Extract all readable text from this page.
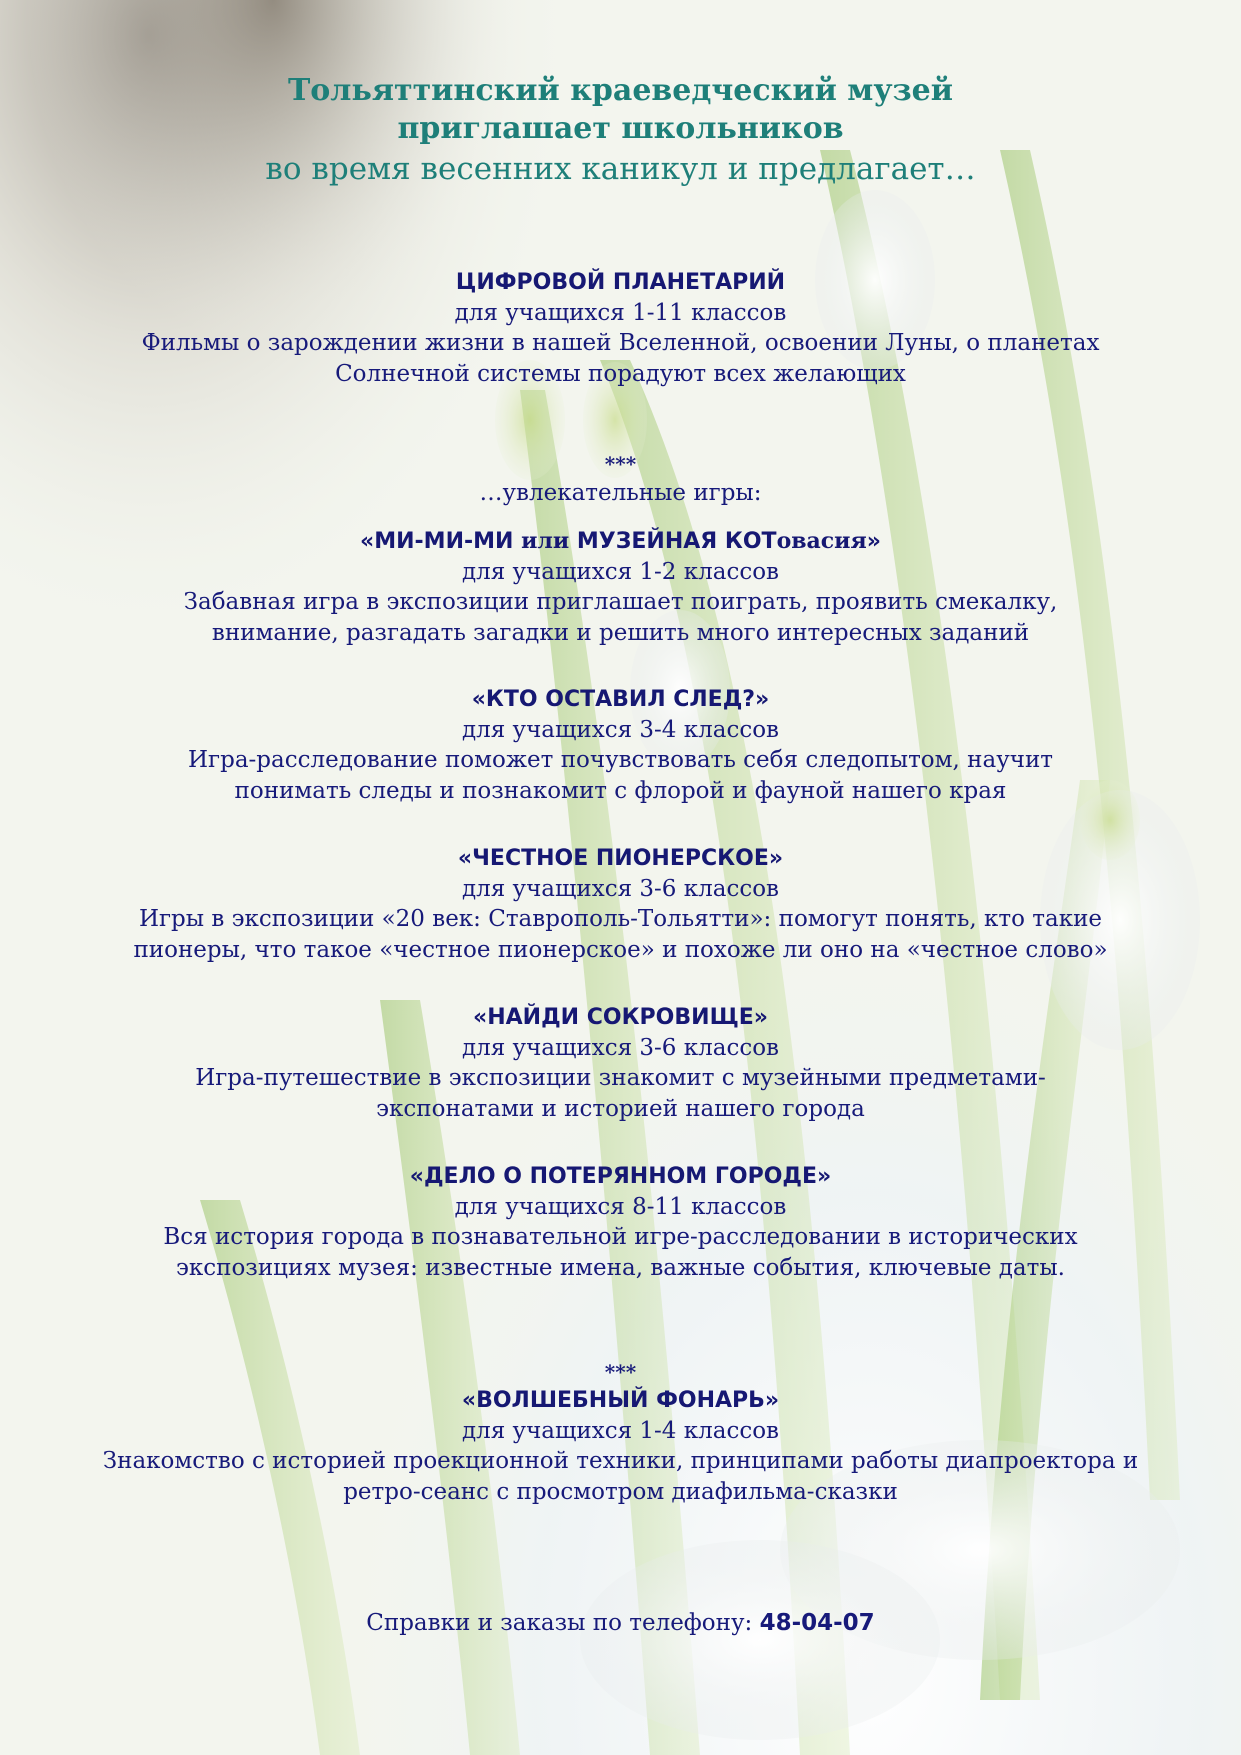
Тольяттинский краеведческий музей
приглашает школьников
во время весенних каникул и предлагает…
ЦИФРОВОЙ ПЛАНЕТАРИЙ
для учащихся 1-11 классов
Фильмы о зарождении жизни в нашей Вселенной, освоении Луны, о планетах
Солнечной системы порадуют всех желающих
***
…увлекательные игры:
«МИ-МИ-МИ или МУЗЕЙНАЯ КОТовасия»
для учащихся 1-2 классов
Забавная игра в экспозиции приглашает поиграть, проявить смекалку,
внимание, разгадать загадки и решить много интересных заданий
«КТО ОСТАВИЛ СЛЕД?»
для учащихся 3-4 классов
Игра-расследование поможет почувствовать себя следопытом, научит
понимать следы и познакомит с флорой и фауной нашего края
«ЧЕСТНОЕ ПИОНЕРСКОЕ»
для учащихся 3-6 классов
Игры в экспозиции «20 век: Ставрополь-Тольятти»: помогут понять, кто такие
пионеры, что такое «честное пионерское» и похоже ли оно на «честное слово»
«НАЙДИ СОКРОВИЩЕ»
для учащихся 3-6 классов
Игра-путешествие в экспозиции знакомит с музейными предметами-
экспонатами и историей нашего города
«ДЕЛО О ПОТЕРЯННОМ ГОРОДЕ»
для учащихся 8-11 классов
Вся история города в познавательной игре-расследовании в исторических
экспозициях музея: известные имена, важные события, ключевые даты.
***
«ВОЛШЕБНЫЙ ФОНАРЬ»
для учащихся 1-4 классов
Знакомство с историей проекционной техники, принципами работы диапроектора и
ретро-сеанс с просмотром диафильма-сказки
Справки и заказы по телефону: 48-04-07
